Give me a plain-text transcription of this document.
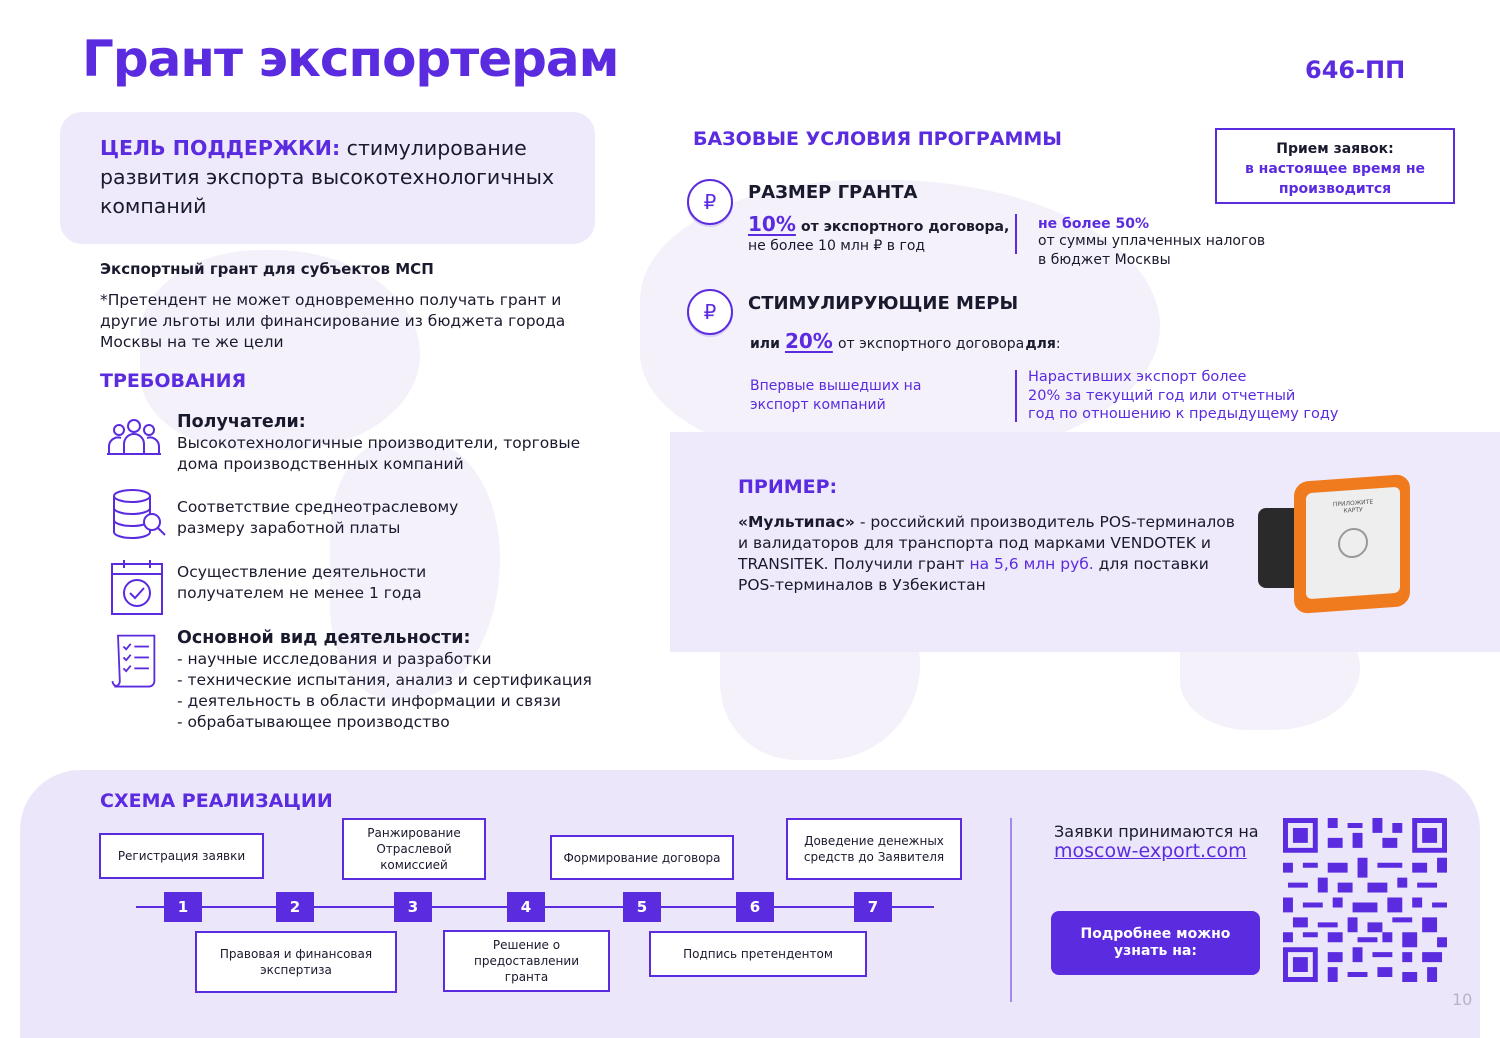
Грант экспортерам	646-ПП
ЦЕЛЬ ПОДДЕРЖКИ: стимулирование развития экспорта высокотехнологичных компаний
Экспортный грант для субъектов МСП
*Претендент не может одновременно получать грант и другие льготы или финансирование из бюджета города Москвы на те же цели
ТРЕБОВАНИЯ
Получатели:
Высокотехнологичные производители, торговые дома производственных компаний
Соответствие среднеотраслевому
размеру заработной платы
Осуществление деятельности
получателем не менее 1 года
Основной вид деятельности:
- научные исследования и разработки
- технические испытания, анализ и сертификация
- деятельность в области информации и связи
- обрабатывающее производство
БАЗОВЫЕ УСЛОВИЯ ПРОГРАММЫ	Прием заявок:
в настоящее время не
производится
₽	РАЗМЕР ГРАНТА
10% от экспортного договора,
не более 10 млн ₽ в год
не более 50%
от суммы уплаченных налогов
в бюджет Москвы
₽	СТИМУЛИРУЮЩИЕ МЕРЫ
или 20% от экспортного договора для:
Впервые вышедших на
экспорт компаний
Нарастивших экспорт более
20% за текущий год или отчетный
год по отношению к предыдущему году
ПРИМЕР:
«Мультипас» - российский производитель POS-терминалов и валидаторов для транспорта под марками VENDOTEK и TRANSITEK. Получили грант на 5,6 млн руб. для поставки POS-терминалов в Узбекистан
ПРИЛОЖИТЕ
КАРТУ
СХЕМА РЕАЛИЗАЦИИ
1	2	3	4	5	6	7
Регистрация заявки
Правовая и финансовая экспертиза
Ранжирование Отраслевой комиссией
Решение о предоставлении гранта
Формирование договора
Подпись претендентом
Доведение денежных средств до Заявителя
Заявки принимаются на
moscow-export.com
Подробнее можно узнать на:
10
